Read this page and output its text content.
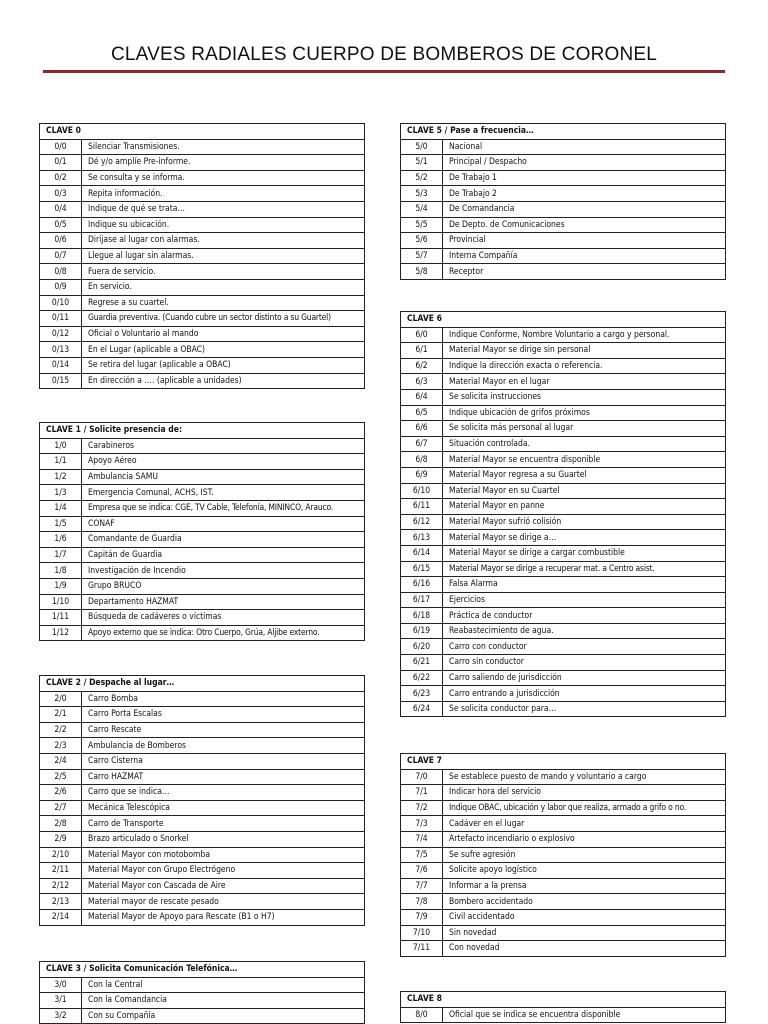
CLAVES RADIALES CUERPO DE BOMBEROS DE CORONEL
CLAVE 0	
0/0	Silenciar Transmisiones.
0/1	Dé y/o amplíe Pre-informe.
0/2	Se consulta y se informa.
0/3	Repita información.
0/4	Indique de qué se trata…
0/5	Indique su ubicación.
0/6	Diríjase al lugar con alarmas.
0/7	Llegue al lugar sin alarmas.
0/8	Fuera de servicio.
0/9	En servicio.
0/10	Regrese a su cuartel.
0/11	Guardia preventiva. (Cuando cubre un sector distinto a su Guartel)
0/12	Oficial o Voluntario al mando
0/13	En el Lugar (aplicable a OBAC)
0/14	Se retira del lugar (aplicable a OBAC)
0/15	En dirección a …. (aplicable a unidades)
CLAVE 1 / Solicite presencia de:	
1/0	Carabineros
1/1	Apoyo Aéreo
1/2	Ambulancia SAMU
1/3	Emergencia Comunal, ACHS, IST.
1/4	Empresa que se indica: CGE, TV Cable, Telefonía, MININCO, Arauco.
1/5	CONAF
1/6	Comandante de Guardia
1/7	Capitán de Guardia
1/8	Investigación de Incendio
1/9	Grupo BRUCO
1/10	Departamento HAZMAT
1/11	Búsqueda de cadáveres o víctimas
1/12	Apoyo externo que se indica: Otro Cuerpo, Grúa, Aljibe externo.
CLAVE 2 / Despache al lugar…	
2/0	Carro Bomba
2/1	Carro Porta Escalas
2/2	Carro Rescate
2/3	Ambulancia de Bomberos
2/4	Carro Cisterna
2/5	Carro HAZMAT
2/6	Carro que se indica…
2/7	Mecánica Telescópica
2/8	Carro de Transporte
2/9	Brazo articulado o Snorkel
2/10	Material Mayor con motobomba
2/11	Material Mayor con Grupo Electrógeno
2/12	Material Mayor con Cascada de Aire
2/13	Material mayor de rescate pesado
2/14	Material Mayor de Apoyo para Rescate (B1 o H7)
CLAVE 3 / Solicita Comunicación Telefónica…	
3/0	Con la Central
3/1	Con la Comandancia
3/2	Con su Compañía
CLAVE 5 / Pase a frecuencia…	
5/0	Nacional
5/1	Principal / Despacho
5/2	De Trabajo 1
5/3	De Trabajo 2
5/4	De Comandancia
5/5	De Depto. de Comunicaciones
5/6	Provincial
5/7	Interna Compañía
5/8	Receptor
CLAVE 6	
6/0	Indique Conforme, Nombre Voluntario a cargo y personal.
6/1	Material Mayor se dirige sin personal
6/2	Indique la dirección exacta o referencia.
6/3	Material Mayor en el lugar
6/4	Se solicita instrucciones
6/5	Indique ubicación de grifos próximos
6/6	Se solicita más personal al lugar
6/7	Situación controlada.
6/8	Material Mayor se encuentra disponible
6/9	Material Mayor regresa a su Guartel
6/10	Material Mayor en su Cuartel
6/11	Material Mayor en panne
6/12	Material Mayor sufrió colisión
6/13	Material Mayor se dirige a…
6/14	Material Mayor se dirige a cargar combustible
6/15	Material Mayor se dirige a recuperar mat. a Centro asist.
6/16	Falsa Alarma
6/17	Ejercicios
6/18	Práctica de conductor
6/19	Reabastecimiento de agua.
6/20	Carro con conductor
6/21	Carro sin conductor
6/22	Carro saliendo de jurisdicción
6/23	Carro entrando a jurisdicción
6/24	Se solicita conductor para…
CLAVE 7	
7/0	Se establece puesto de mando y voluntario a cargo
7/1	Indicar hora del servicio
7/2	Indique OBAC, ubicación y labor que realiza, armado a grifo o no.
7/3	Cadáver en el lugar
7/4	Artefacto incendiario o explosivo
7/5	Se sufre agresión
7/6	Solicite apoyo logístico
7/7	Informar a la prensa
7/8	Bombero accidentado
7/9	Civil accidentado
7/10	Sin novedad
7/11	Con novedad
CLAVE 8
8/0	Oficial que se indica se encuentra disponible
